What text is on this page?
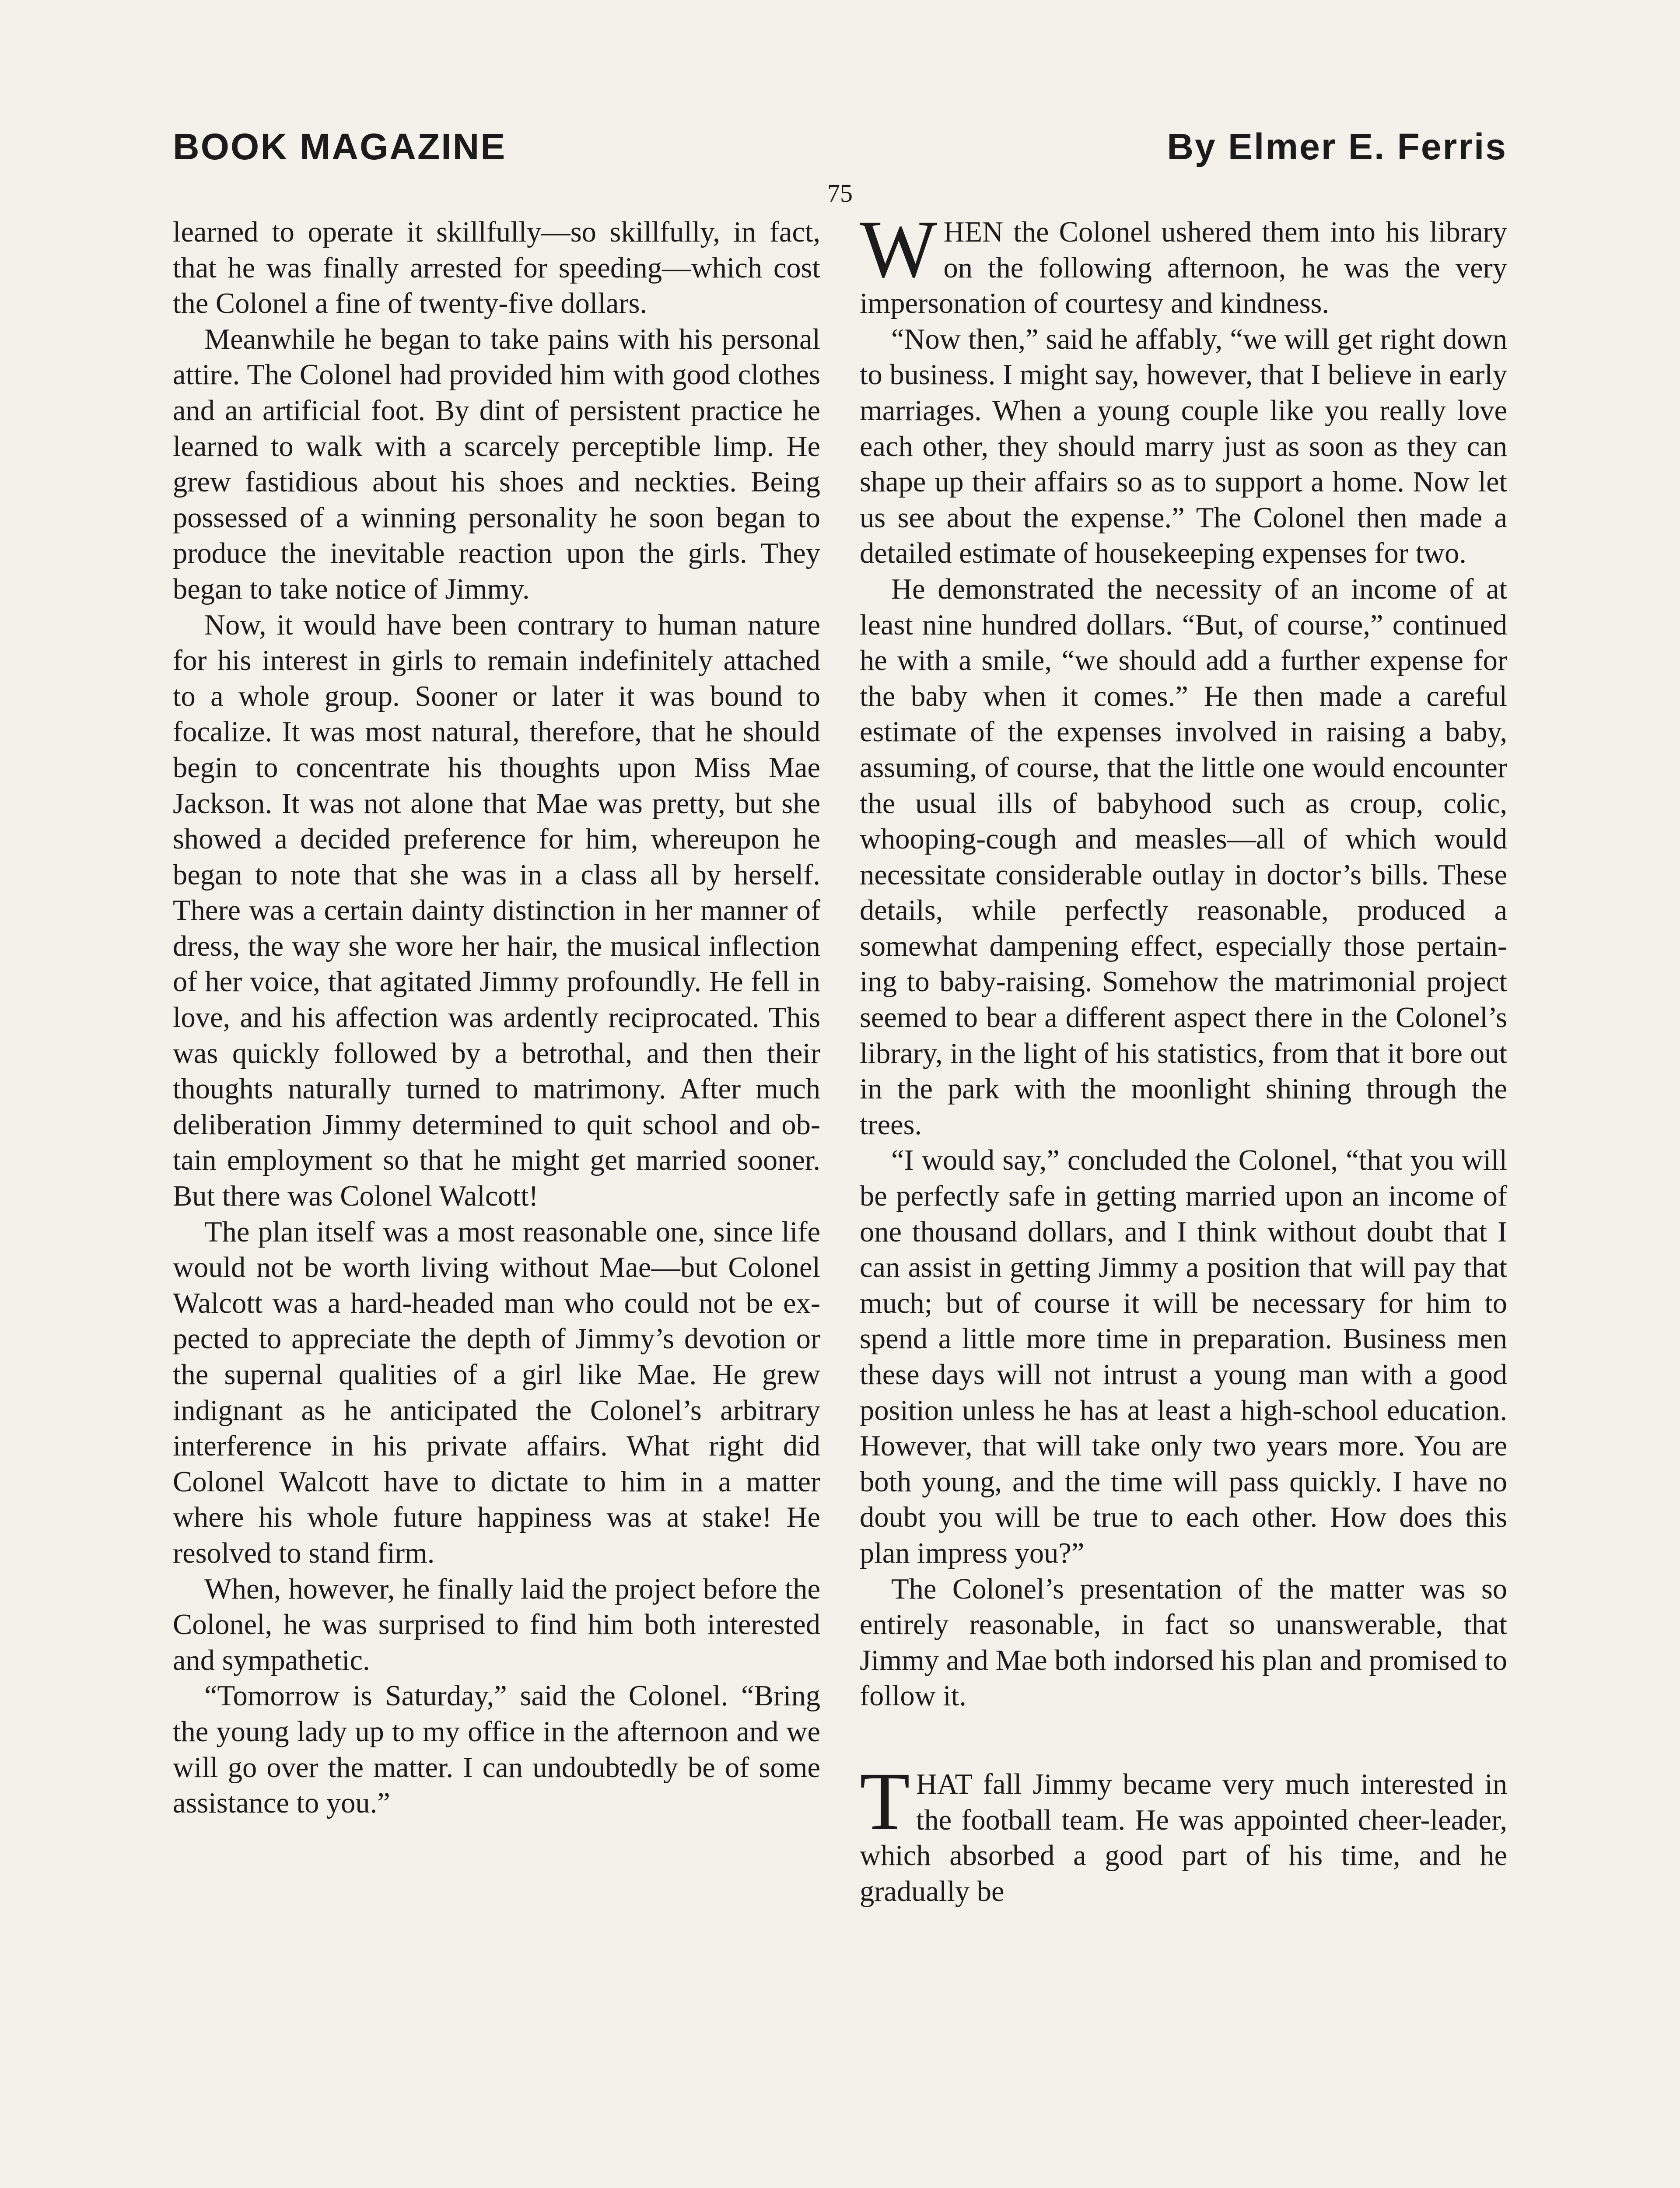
BOOK MAGAZINE	By Elmer E. Ferris
75

learned to operate it skillfully—so skillfully, in fact, that he was finally arrested for speeding—which cost the Colonel a fine of twenty-five dollars.

Meanwhile he began to take pains with his personal attire. The Colonel had provided him with good clothes and an artificial foot. By dint of persistent practice he learned to walk with a scarcely perceptible limp. He grew fastidious about his shoes and neckties. Being possessed of a winning personality he soon began to produce the inevitable reaction upon the girls. They began to take notice of Jimmy.

Now, it would have been contrary to human nature for his interest in girls to remain indefinitely attached to a whole group. Sooner or later it was bound to focalize. It was most natural, therefore, that he should begin to concentrate his thoughts upon Miss Mae Jackson. It was not alone that Mae was pretty, but she showed a decided preference for him, whereupon he began to note that she was in a class all by herself. There was a certain dainty distinction in her manner of dress, the way she wore her hair, the musical inflection of her voice, that agitated Jimmy profoundly. He fell in love, and his affection was ardently reciprocated. This was quickly followed by a betrothal, and then their thoughts naturally turned to matrimony. After much deliberation Jimmy determined to quit school and obtain employment so that he might get married sooner. But there was Colonel Walcott!

The plan itself was a most reasonable one, since life would not be worth living without Mae—but Colonel Walcott was a hard-headed man who could not be expected to appreciate the depth of Jimmy’s devotion or the supernal qualities of a girl like Mae. He grew indignant as he anticipated the Colonel’s arbitrary interference in his private affairs. What right did Colonel Walcott have to dictate to him in a matter where his whole future happiness was at stake! He resolved to stand firm.

When, however, he finally laid the project before the Colonel, he was surprised to find him both interested and sympathetic.

“Tomorrow is Saturday,” said the Colonel. “Bring the young lady up to my office in the afternoon and we will go over the matter. I can undoubtedly be of some assistance to you.”

WHEN the Colonel ushered them into his library on the following afternoon, he was the very impersonation of courtesy and kindness.

“Now then,” said he affably, “we will get right down to business. I might say, however, that I believe in early marriages. When a young couple like you really love each other, they should marry just as soon as they can shape up their affairs so as to support a home. Now let us see about the expense.” The Colonel then made a detailed estimate of housekeeping expenses for two.

He demonstrated the necessity of an income of at least nine hundred dollars. “But, of course,” continued he with a smile, “we should add a further expense for the baby when it comes.” He then made a careful estimate of the expenses involved in raising a baby, assuming, of course, that the little one would encounter the usual ills of babyhood such as croup, colic, whooping-cough and measles—all of which would necessitate considerable outlay in doctor’s bills. These details, while perfectly reasonable, produced a somewhat dampening effect, especially those pertaining to baby-raising. Somehow the matrimonial project seemed to bear a different aspect there in the Colonel’s library, in the light of his statistics, from that it bore out in the park with the moonlight shining through the trees.

“I would say,” concluded the Colonel, “that you will be perfectly safe in getting married upon an income of one thousand dollars, and I think without doubt that I can assist in getting Jimmy a position that will pay that much; but of course it will be necessary for him to spend a little more time in preparation. Business men these days will not intrust a young man with a good position unless he has at least a high-school education. However, that will take only two years more. You are both young, and the time will pass quickly. I have no doubt you will be true to each other. How does this plan impress you?”

The Colonel’s presentation of the matter was so entirely reasonable, in fact so unanswerable, that Jimmy and Mae both indorsed his plan and promised to follow it.

THAT fall Jimmy became very much interested in the football team. He was appointed cheer-leader, which absorbed a good part of his time, and he gradually be
